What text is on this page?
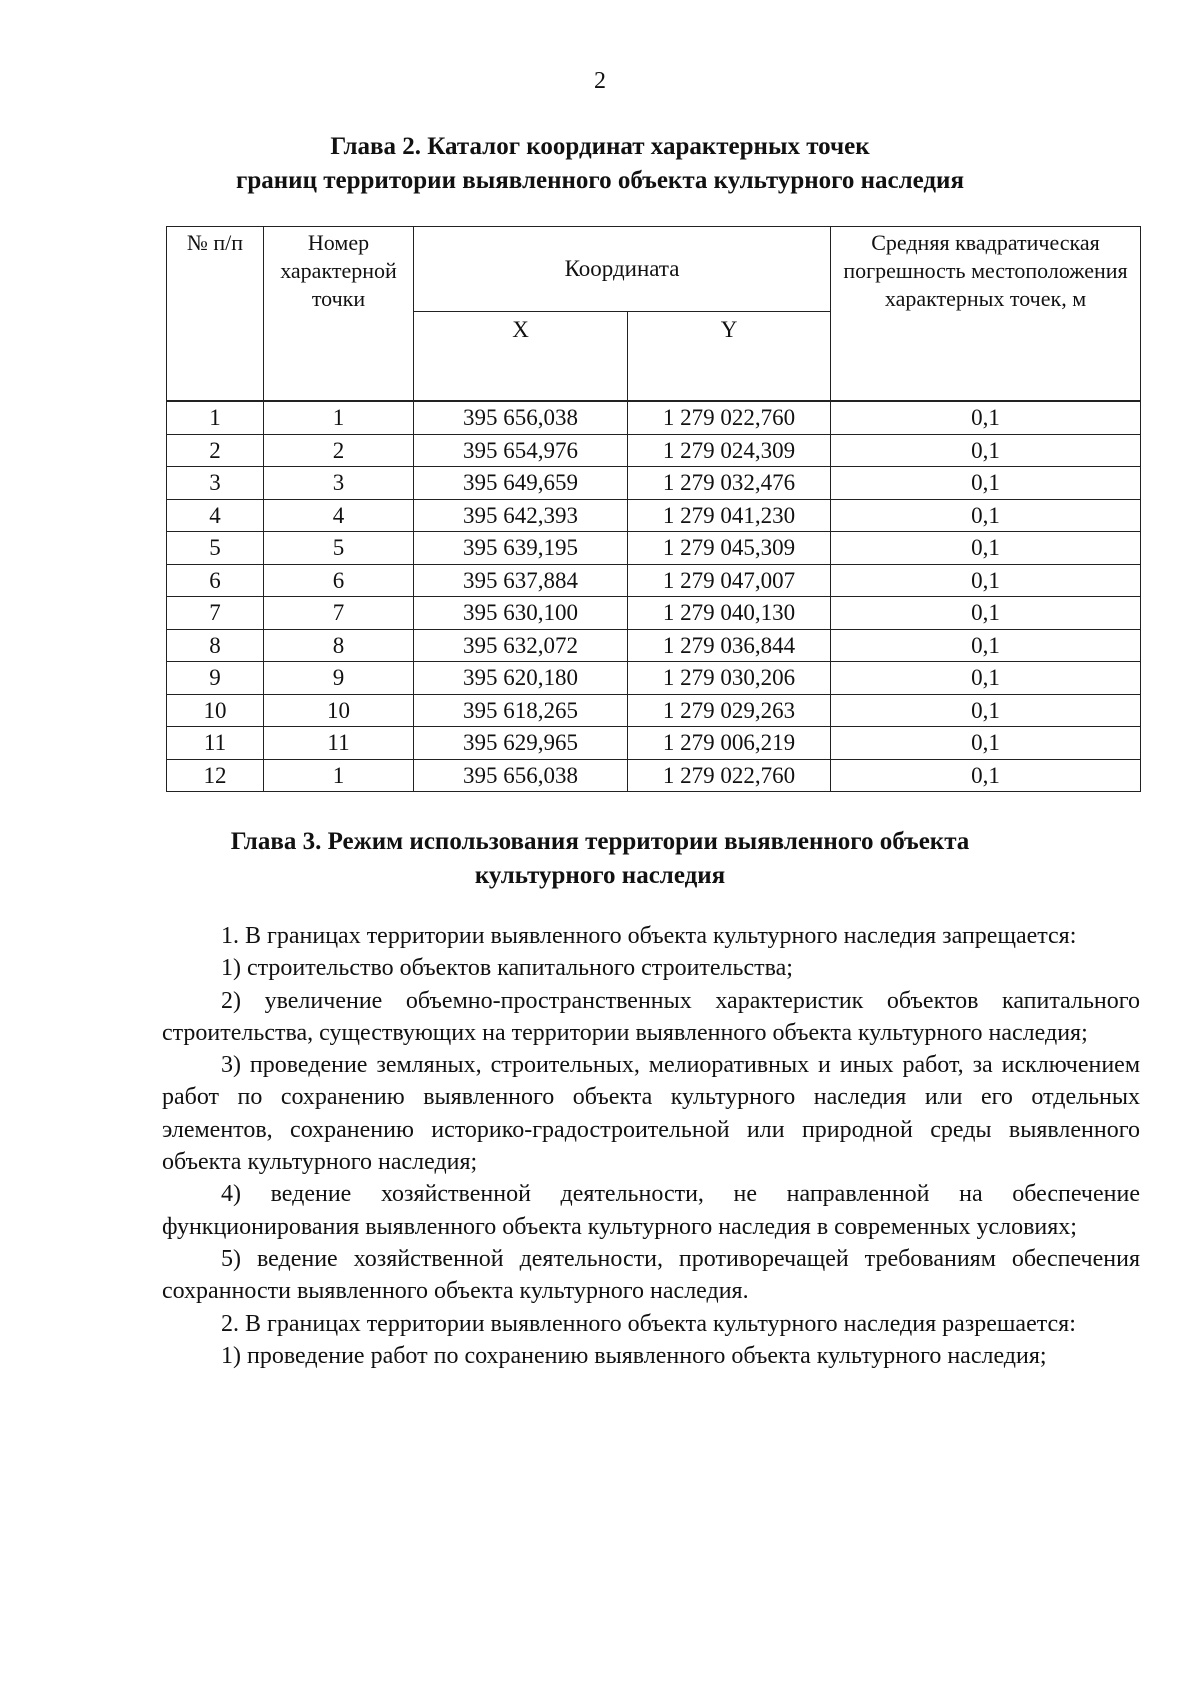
2
Глава 2. Каталог координат характерных точек
границ территории выявленного объекта культурного наследия
№ п/п	Номер характерной точки	Координата		Средняя квадратическая погрешность местоположения характерных точек, м
		X	Y	
1	1	395 656,038	1 279 022,760	0,1
2	2	395 654,976	1 279 024,309	0,1
3	3	395 649,659	1 279 032,476	0,1
4	4	395 642,393	1 279 041,230	0,1
5	5	395 639,195	1 279 045,309	0,1
6	6	395 637,884	1 279 047,007	0,1
7	7	395 630,100	1 279 040,130	0,1
8	8	395 632,072	1 279 036,844	0,1
9	9	395 620,180	1 279 030,206	0,1
10	10	395 618,265	1 279 029,263	0,1
11	11	395 629,965	1 279 006,219	0,1
12	1	395 656,038	1 279 022,760	0,1
Глава 3. Режим использования территории выявленного объекта
культурного наследия

1. В границах территории выявленного объекта культурного наследия запрещается:

1) строительство объектов капитального строительства;

2) увеличение объемно-пространственных характеристик объектов капитального строительства, существующих на территории выявленного объекта культурного наследия;

3) проведение земляных, строительных, мелиоративных и иных работ, за исключением работ по сохранению выявленного объекта культурного наследия или его отдельных элементов, сохранению историко-градостроительной или природной среды выявленного объекта культурного наследия;

4) ведение хозяйственной деятельности, не направленной на обеспечение функционирования выявленного объекта культурного наследия в современных условиях;

5) ведение хозяйственной деятельности, противоречащей требованиям обеспечения сохранности выявленного объекта культурного наследия.

2. В границах территории выявленного объекта культурного наследия разрешается:

1) проведение работ по сохранению выявленного объекта культурного наследия;
